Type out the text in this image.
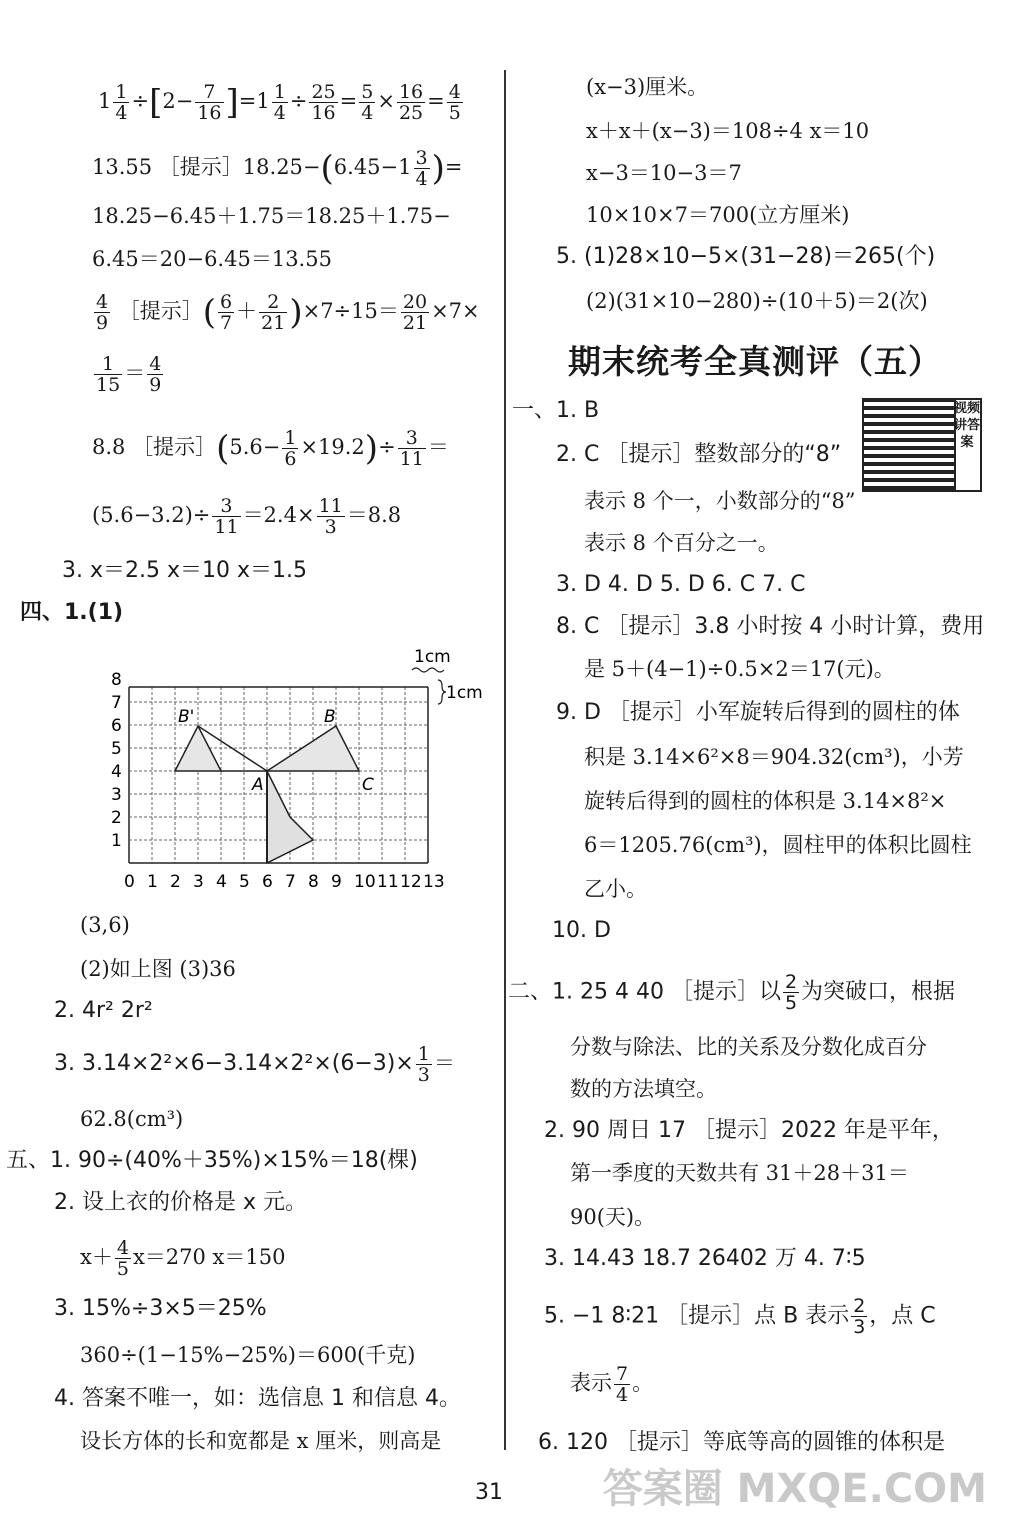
$1 \frac{1}{4} \div[2- \frac{7}{16} ]=1 \frac{1}{4} \div \frac{25}{16} = \frac{5}{4} \times \frac{16}{25} = \frac{4}{5}$
13.55 ［提示］18.25−(6.45−1 $\frac{3}{4}$ )=
18.25−6.45＋1.75＝18.25＋1.75−
6.45＝20−6.45＝13.55
$\frac{4}{9}$ ［提示］( $\frac{6}{7} + \frac{2}{21} )\times 7\div 15= \frac{20}{21} \times 7\times$
$\frac{1}{15} = \frac{4}{9}$
8.8 ［提示］(5.6− $\frac{1}{6} \times 19.2)\div \frac{3}{11}$ ＝
$(5.6-3.2)\div \frac{3}{11} =2.4\times \frac{11}{3} =8.8$
3. x＝2.5 x＝10 x＝1.5
四、1.(1)
1cm
1cm
0 1 2 3 4 5 6 7 8 9 10 11 12 13
1
2
3
4
5
6
7
8
B'	B
A	C
(3,6)
(2)如上图 (3)36
2. 4r² 2r²
3. $3.14\times 2^2\times 6-3.14\times 2^2\times(6-3)\times \frac{1}{3}$ ＝
62.8(cm³)
五、1. 90÷(40%＋35%)×15%＝18(棵)
2. 设上衣的价格是 x 元。
$x+ \frac{4}{5} x=270$ x＝150
3. 15%÷3×5＝25%
360÷(1−15%−25%)＝600(千克)
4. 答案不唯一，如：选信息 1 和信息 4。
设长方体的长和宽都是 x 厘米，则高是
(x−3)厘米。
x＋x＋(x−3)＝108÷4 x＝10
x−3＝10−3＝7
10×10×7＝700(立方厘米)
5. (1)28×10−5×(31−28)＝265(个)
(2)(31×10−280)÷(10＋5)＝2(次)
期末统考全真测评（五）
视频讲答案
一、1. B
2. C ［提示］整数部分的“8”
表示 8 个一，小数部分的“8”
表示 8 个百分之一。
3. D 4. D 5. D 6. C 7. C
8. C ［提示］3.8 小时按 4 小时计算，费用
是 5＋(4−1)÷0.5×2＝17(元)。
9. D ［提示］小军旋转后得到的圆柱的体
积是 3.14×6²×8＝904.32(cm³)，小芳
旋转后得到的圆柱的体积是 3.14×8²×
6＝1205.76(cm³)，圆柱甲的体积比圆柱
乙小。
10. D
二、1. 25 4 40 ［提示］以 $\frac{2}{5}$ 为突破口，根据
分数与除法、比的关系及分数化成百分
数的方法填空。
2. 90 周日 17 ［提示］2022 年是平年，
第一季度的天数共有 31＋28＋31＝
90(天)。
3. 14.43 18.7 26402 万 4. 7∶5
5. −1 8∶21 ［提示］点 B 表示 $\frac{2}{3}$ ，点 C
表示 $\frac{7}{4}$ 。
6. 120 ［提示］等底等高的圆锥的体积是
31 答案圈 MXQE.COM
